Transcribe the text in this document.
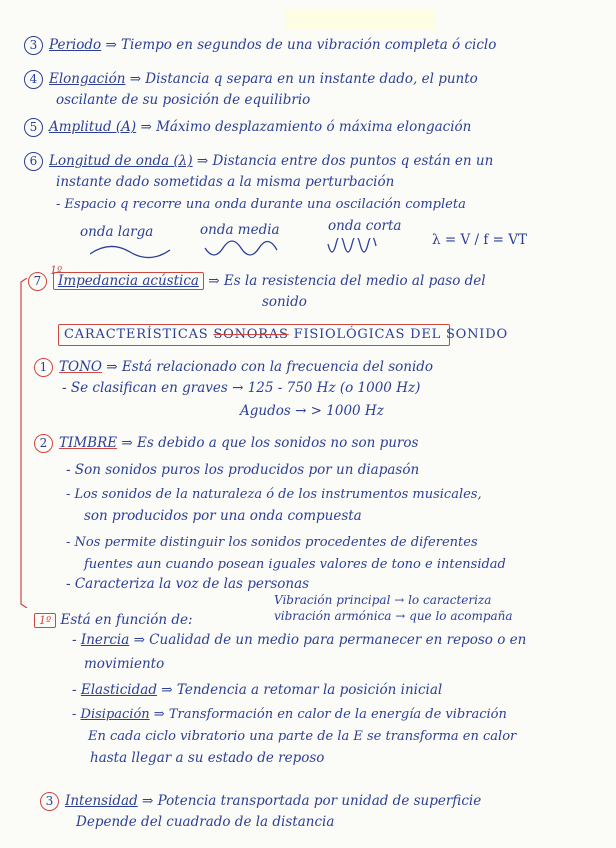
3 Periodo ⇒ Tiempo en segundos de una vibración completa ó ciclo
4 Elongación ⇒ Distancia q separa en un instante dado, el punto
oscilante de su posición de equilibrio
5 Amplitud (A) ⇒ Máximo desplazamiento ó máxima elongación
6 Longitud de onda (λ) ⇒ Distancia entre dos puntos q están en un
instante dado sometidas a la misma perturbación
- Espacio q recorre una onda durante una oscilación completa
onda larga	onda media	onda corta
λ = V / f = VT
1º
7 Impedancia acústica ⇒ Es la resistencia del medio al paso del
sonido
CARACTERÍSTICAS SONORAS FISIOLÓGICAS DEL SONIDO
1 TONO ⇒ Está relacionado con la frecuencia del sonido
- Se clasifican en graves → 125 - 750 Hz (o 1000 Hz)
Agudos → > 1000 Hz
2 TIMBRE ⇒ Es debido a que los sonidos no son puros
- Son sonidos puros los producidos por un diapasón
- Los sonidos de la naturaleza ó de los instrumentos musicales,
son producidos por una onda compuesta
- Nos permite distinguir los sonidos procedentes de diferentes
fuentes aun cuando posean iguales valores de tono e intensidad
- Caracteriza la voz de las personas
Vibración principal → lo caracteriza
vibración armónica → que lo acompaña
1º Está en función de:
- Inercia ⇒ Cualidad de un medio para permanecer en reposo o en
movimiento
- Elasticidad ⇒ Tendencia a retomar la posición inicial
- Disipación ⇒ Transformación en calor de la energía de vibración
En cada ciclo vibratorio una parte de la E se transforma en calor
hasta llegar a su estado de reposo
3 Intensidad ⇒ Potencia transportada por unidad de superficie
Depende del cuadrado de la distancia
